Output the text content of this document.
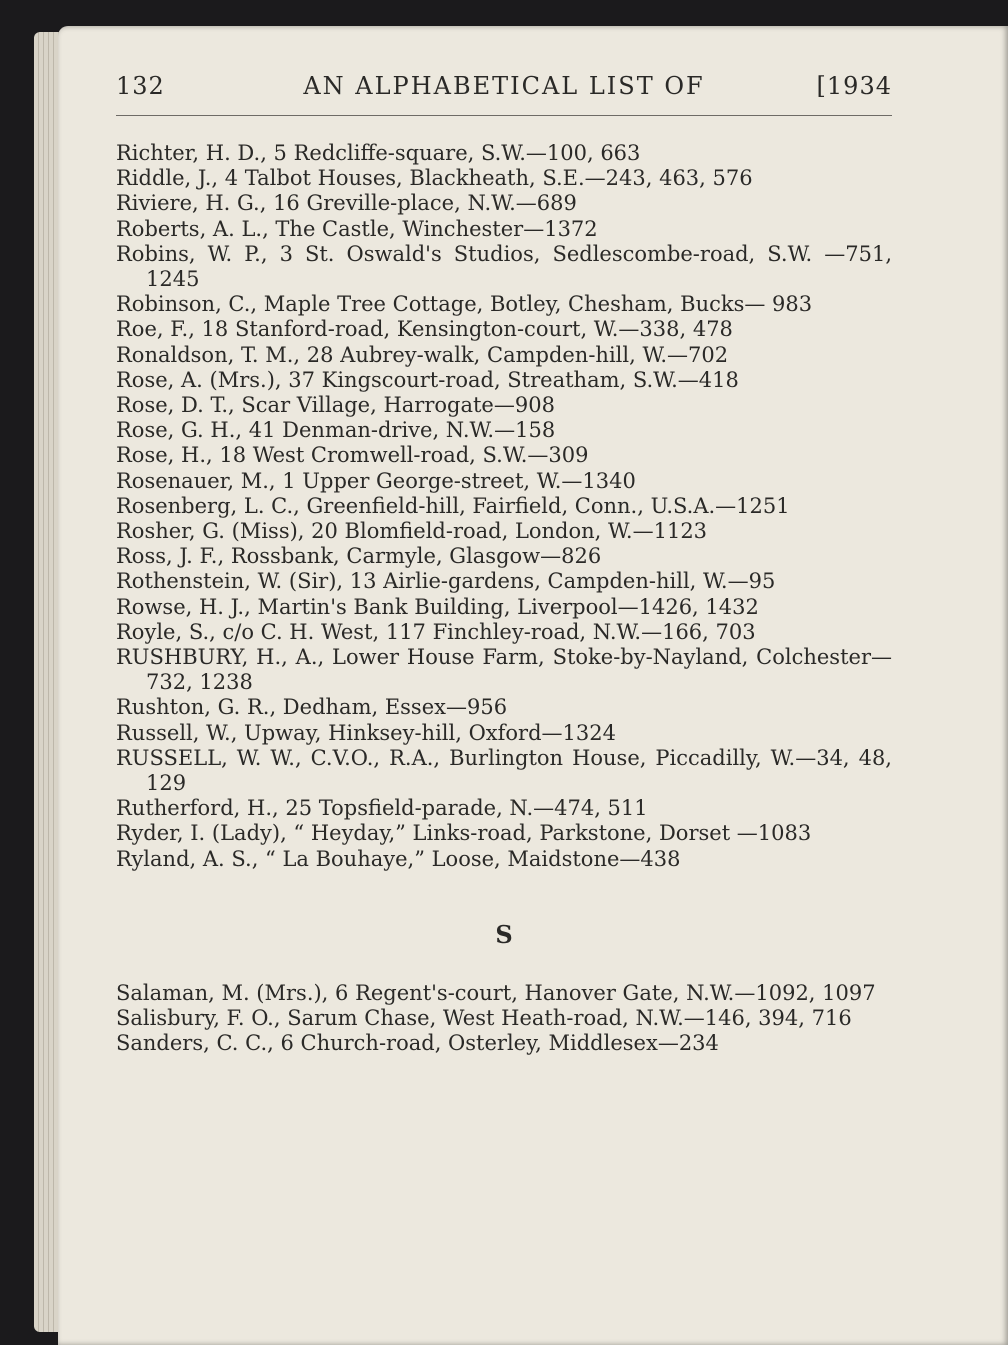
132	AN ALPHABETICAL LIST OF	[1934
Richter, H. D., 5 Redcliffe-square, S.W.—100, 663
Riddle, J., 4 Talbot Houses, Blackheath, S.E.—243, 463, 576
Riviere, H. G., 16 Greville-place, N.W.—689
Roberts, A. L., The Castle, Winchester—1372
Robins, W. P., 3 St. Oswald's Studios, Sedlescombe-road, S.W. —751, 1245
Robinson, C., Maple Tree Cottage, Botley, Chesham, Bucks— 983
Roe, F., 18 Stanford-road, Kensington-court, W.—338, 478
Ronaldson, T. M., 28 Aubrey-walk, Campden-hill, W.—702
Rose, A. (Mrs.), 37 Kingscourt-road, Streatham, S.W.—418
Rose, D. T., Scar Village, Harrogate—908
Rose, G. H., 41 Denman-drive, N.W.—158
Rose, H., 18 West Cromwell-road, S.W.—309
Rosenauer, M., 1 Upper George-street, W.—1340
Rosenberg, L. C., Greenfield-hill, Fairfield, Conn., U.S.A.—1251
Rosher, G. (Miss), 20 Blomfield-road, London, W.—1123
Ross, J. F., Rossbank, Carmyle, Glasgow—826
Rothenstein, W. (Sir), 13 Airlie-gardens, Campden-hill, W.—95
Rowse, H. J., Martin's Bank Building, Liverpool—1426, 1432
Royle, S., c/o C. H. West, 117 Finchley-road, N.W.—166, 703
RUSHBURY, H., A., Lower House Farm, Stoke-by-Nayland, Colchester—732, 1238
Rushton, G. R., Dedham, Essex—956
Russell, W., Upway, Hinksey-hill, Oxford—1324
RUSSELL, W. W., C.V.O., R.A., Burlington House, Piccadilly, W.—34, 48, 129
Rutherford, H., 25 Topsfield-parade, N.—474, 511
Ryder, I. (Lady), “ Heyday,” Links-road, Parkstone, Dorset —1083
Ryland, A. S., “ La Bouhaye,” Loose, Maidstone—438
S
Salaman, M. (Mrs.), 6 Regent's-court, Hanover Gate, N.W.—1092, 1097
Salisbury, F. O., Sarum Chase, West Heath-road, N.W.—146, 394, 716
Sanders, C. C., 6 Church-road, Osterley, Middlesex—234
